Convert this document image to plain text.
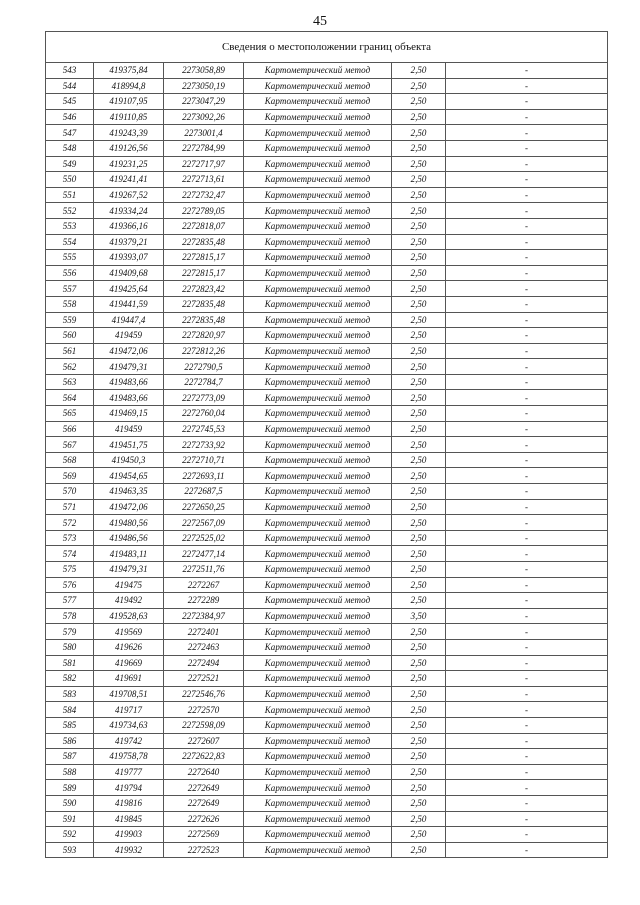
45
Сведения о местоположении границ объекта					
543	419375,84	2273058,89	Картометрический метод	2,50	-
544	418994,8	2273050,19	Картометрический метод	2,50	-
545	419107,95	2273047,29	Картометрический метод	2,50	-
546	419110,85	2273092,26	Картометрический метод	2,50	-
547	419243,39	2273001,4	Картометрический метод	2,50	-
548	419126,56	2272784,99	Картометрический метод	2,50	-
549	419231,25	2272717,97	Картометрический метод	2,50	-
550	419241,41	2272713,61	Картометрический метод	2,50	-
551	419267,52	2272732,47	Картометрический метод	2,50	-
552	419334,24	2272789,05	Картометрический метод	2,50	-
553	419366,16	2272818,07	Картометрический метод	2,50	-
554	419379,21	2272835,48	Картометрический метод	2,50	-
555	419393,07	2272815,17	Картометрический метод	2,50	-
556	419409,68	2272815,17	Картометрический метод	2,50	-
557	419425,64	2272823,42	Картометрический метод	2,50	-
558	419441,59	2272835,48	Картометрический метод	2,50	-
559	419447,4	2272835,48	Картометрический метод	2,50	-
560	419459	2272820,97	Картометрический метод	2,50	-
561	419472,06	2272812,26	Картометрический метод	2,50	-
562	419479,31	2272790,5	Картометрический метод	2,50	-
563	419483,66	2272784,7	Картометрический метод	2,50	-
564	419483,66	2272773,09	Картометрический метод	2,50	-
565	419469,15	2272760,04	Картометрический метод	2,50	-
566	419459	2272745,53	Картометрический метод	2,50	-
567	419451,75	2272733,92	Картометрический метод	2,50	-
568	419450,3	2272710,71	Картометрический метод	2,50	-
569	419454,65	2272693,11	Картометрический метод	2,50	-
570	419463,35	2272687,5	Картометрический метод	2,50	-
571	419472,06	2272650,25	Картометрический метод	2,50	-
572	419480,56	2272567,09	Картометрический метод	2,50	-
573	419486,56	2272525,02	Картометрический метод	2,50	-
574	419483,11	2272477,14	Картометрический метод	2,50	-
575	419479,31	2272511,76	Картометрический метод	2,50	-
576	419475	2272267	Картометрический метод	2,50	-
577	419492	2272289	Картометрический метод	2,50	-
578	419528,63	2272384,97	Картометрический метод	3,50	-
579	419569	2272401	Картометрический метод	2,50	-
580	419626	2272463	Картометрический метод	2,50	-
581	419669	2272494	Картометрический метод	2,50	-
582	419691	2272521	Картометрический метод	2,50	-
583	419708,51	2272546,76	Картометрический метод	2,50	-
584	419717	2272570	Картометрический метод	2,50	-
585	419734,63	2272598,09	Картометрический метод	2,50	-
586	419742	2272607	Картометрический метод	2,50	-
587	419758,78	2272622,83	Картометрический метод	2,50	-
588	419777	2272640	Картометрический метод	2,50	-
589	419794	2272649	Картометрический метод	2,50	-
590	419816	2272649	Картометрический метод	2,50	-
591	419845	2272626	Картометрический метод	2,50	-
592	419903	2272569	Картометрический метод	2,50	-
593	419932	2272523	Картометрический метод	2,50	-
